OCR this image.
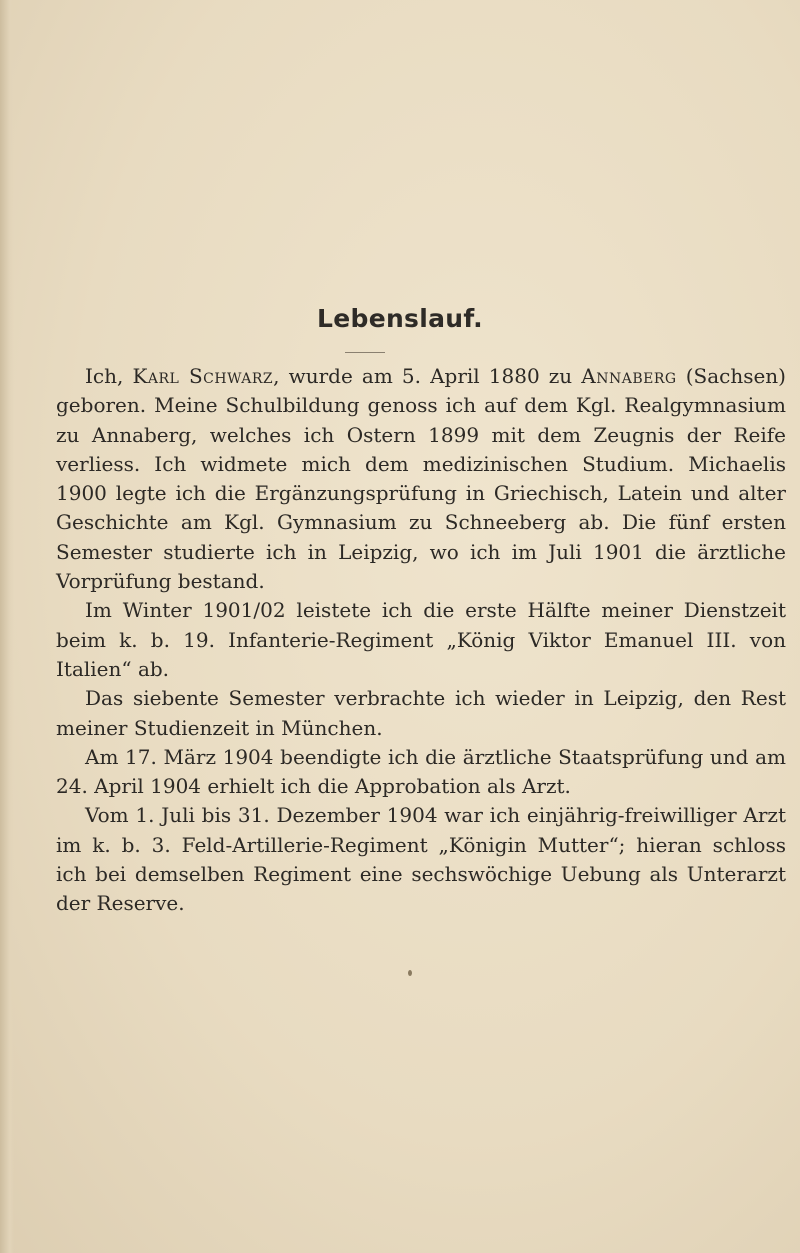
Lebenslauf.

Ich, Karl Schwarz, wurde am 5. April 1880 zu Annaberg (Sachsen) geboren. Meine Schulbildung genoss ich auf dem Kgl. Realgymnasium zu Annaberg, welches ich Ostern 1899 mit dem Zeugnis der Reife verliess. Ich widmete mich dem medizinischen Studium. Michaelis 1900 legte ich die Ergänzungsprüfung in Griechisch, Latein und alter Geschichte am Kgl. Gymnasium zu Schneeberg ab. Die fünf ersten Semester studierte ich in Leipzig, wo ich im Juli 1901 die ärztliche Vorprüfung bestand.

Im Winter 1901/02 leistete ich die erste Hälfte meiner Dienstzeit beim k. b. 19. Infanterie-Regiment „König Viktor Emanuel III. von Italien“ ab.

Das siebente Semester verbrachte ich wieder in Leipzig, den Rest meiner Studienzeit in München.

Am 17. März 1904 beendigte ich die ärztliche Staatsprüfung und am 24. April 1904 erhielt ich die Approbation als Arzt.

Vom 1. Juli bis 31. Dezember 1904 war ich einjährig-freiwilliger Arzt im k. b. 3. Feld-Artillerie-Regiment „Königin Mutter“; hieran schloss ich bei demselben Regiment eine sechswöchige Uebung als Unterarzt der Reserve.
